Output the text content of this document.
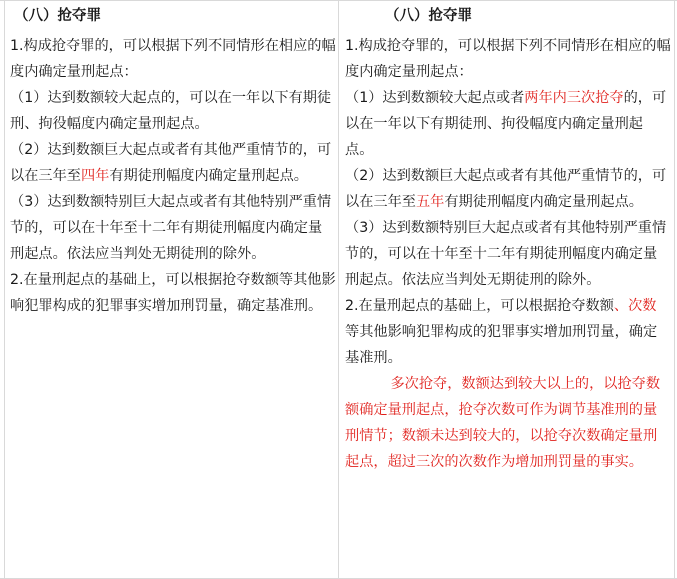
（八）抢夺罪

1.构成抢夺罪的，可以根据下列不同情形在相应的幅度内确定量刑起点：

（1）达到数额较大起点的，可以在一年以下有期徒刑、拘役幅度内确定量刑起点。

（2）达到数额巨大起点或者有其他严重情节的，可以在三年至四年有期徒刑幅度内确定量刑起点。

（3）达到数额特别巨大起点或者有其他特别严重情节的，可以在十年至十二年有期徒刑幅度内确定量刑起点。依法应当判处无期徒刑的除外。

2.在量刑起点的基础上，可以根据抢夺数额等其他影响犯罪构成的犯罪事实增加刑罚量，确定基准刑。

（八）抢夺罪

1.构成抢夺罪的，可以根据下列不同情形在相应的幅度内确定量刑起点：

（1）达到数额较大起点或者两年内三次抢夺的，可以在一年以下有期徒刑、拘役幅度内确定量刑起点。

（2）达到数额巨大起点或者有其他严重情节的，可以在三年至五年有期徒刑幅度内确定量刑起点。

（3）达到数额特别巨大起点或者有其他特别严重情节的，可以在十年至十二年有期徒刑幅度内确定量刑起点。依法应当判处无期徒刑的除外。

2.在量刑起点的基础上，可以根据抢夺数额、次数

等其他影响犯罪构成的犯罪事实增加刑罚量，确定基准刑。

多次抢夺，数额达到较大以上的，以抢夺数额确定量刑起点，抢夺次数可作为调节基准刑的量刑情节；数额未达到较大的，以抢夺次数确定量刑起点，超过三次的次数作为增加刑罚量的事实。
